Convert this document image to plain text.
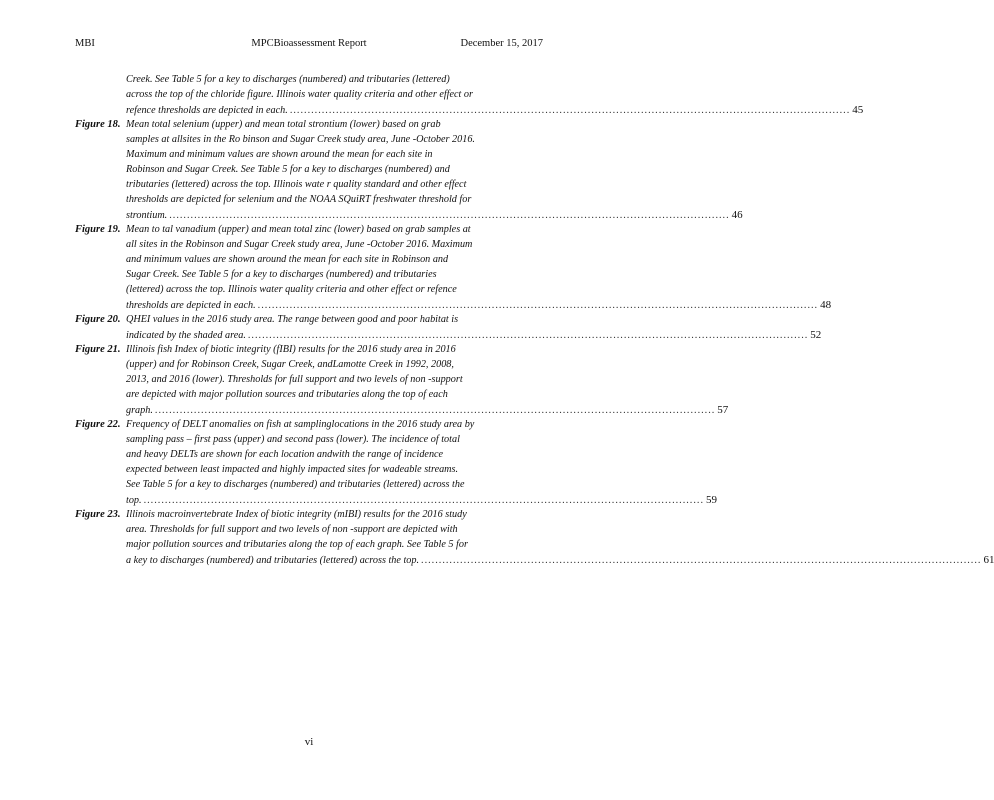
MBI	MPCBioassessment Report	December 15, 2017
Creek. See Table 5 for a key to discharges (numbered) and tributaries (lettered)
across the top of the chloride figure. Illinois water quality criteria and other effect or
refence thresholds are depicted in each. .............................................................................................................................................................. 45
Figure 18. Mean total selenium (upper) and mean total strontium (lower) based on grab
samples at allsites in the Ro binson and Sugar Creek study area, June -October 2016.
Maximum and minimum values are shown around the mean for each site in
Robinson and Sugar Creek. See Table 5 for a key to discharges (numbered) and
tributaries (lettered) across the top. Illinois wate r quality standard and other effect
thresholds are depicted for selenium and the NOAA SQuiRT freshwater threshold for
strontium. .............................................................................................................................................................. 46
Figure 19. Mean to tal vanadium (upper) and mean total zinc (lower) based on grab samples at
all sites in the Robinson and Sugar Creek study area, June -October 2016. Maximum
and minimum values are shown around the mean for each site in Robinson and
Sugar Creek. See Table 5 for a key to discharges (numbered) and tributaries
(lettered) across the top. Illinois water quality criteria and other effect or refence
thresholds are depicted in each. .............................................................................................................................................................. 48
Figure 20. QHEI values in the 2016 study area. The range between good and poor habitat is
indicated by the shaded area. .............................................................................................................................................................. 52
Figure 21. Illinois fish Index of biotic integrity (fIBI) results for the 2016 study area in 2016
(upper) and for Robinson Creek, Sugar Creek, andLamotte Creek in 1992, 2008,
2013, and 2016 (lower). Thresholds for full support and two levels of non -support
are depicted with major pollution sources and tributaries along the top of each
graph. .............................................................................................................................................................. 57
Figure 22. Frequency of DELT anomalies on fish at samplinglocations in the 2016 study area by
sampling pass – first pass (upper) and second pass (lower). The incidence of total
and heavy DELTs are shown for each location andwith the range of incidence
expected between least impacted and highly impacted sites for wadeable streams.
See Table 5 for a key to discharges (numbered) and tributaries (lettered) across the
top. .............................................................................................................................................................. 59
Figure 23. Illinois macroinvertebrate Index of biotic integrity (mIBI) results for the 2016 study
area. Thresholds for full support and two levels of non -support are depicted with
major pollution sources and tributaries along the top of each graph. See Table 5 for
a key to discharges (numbered) and tributaries (lettered) across the top. .............................................................................................................................................................. 61
vi
